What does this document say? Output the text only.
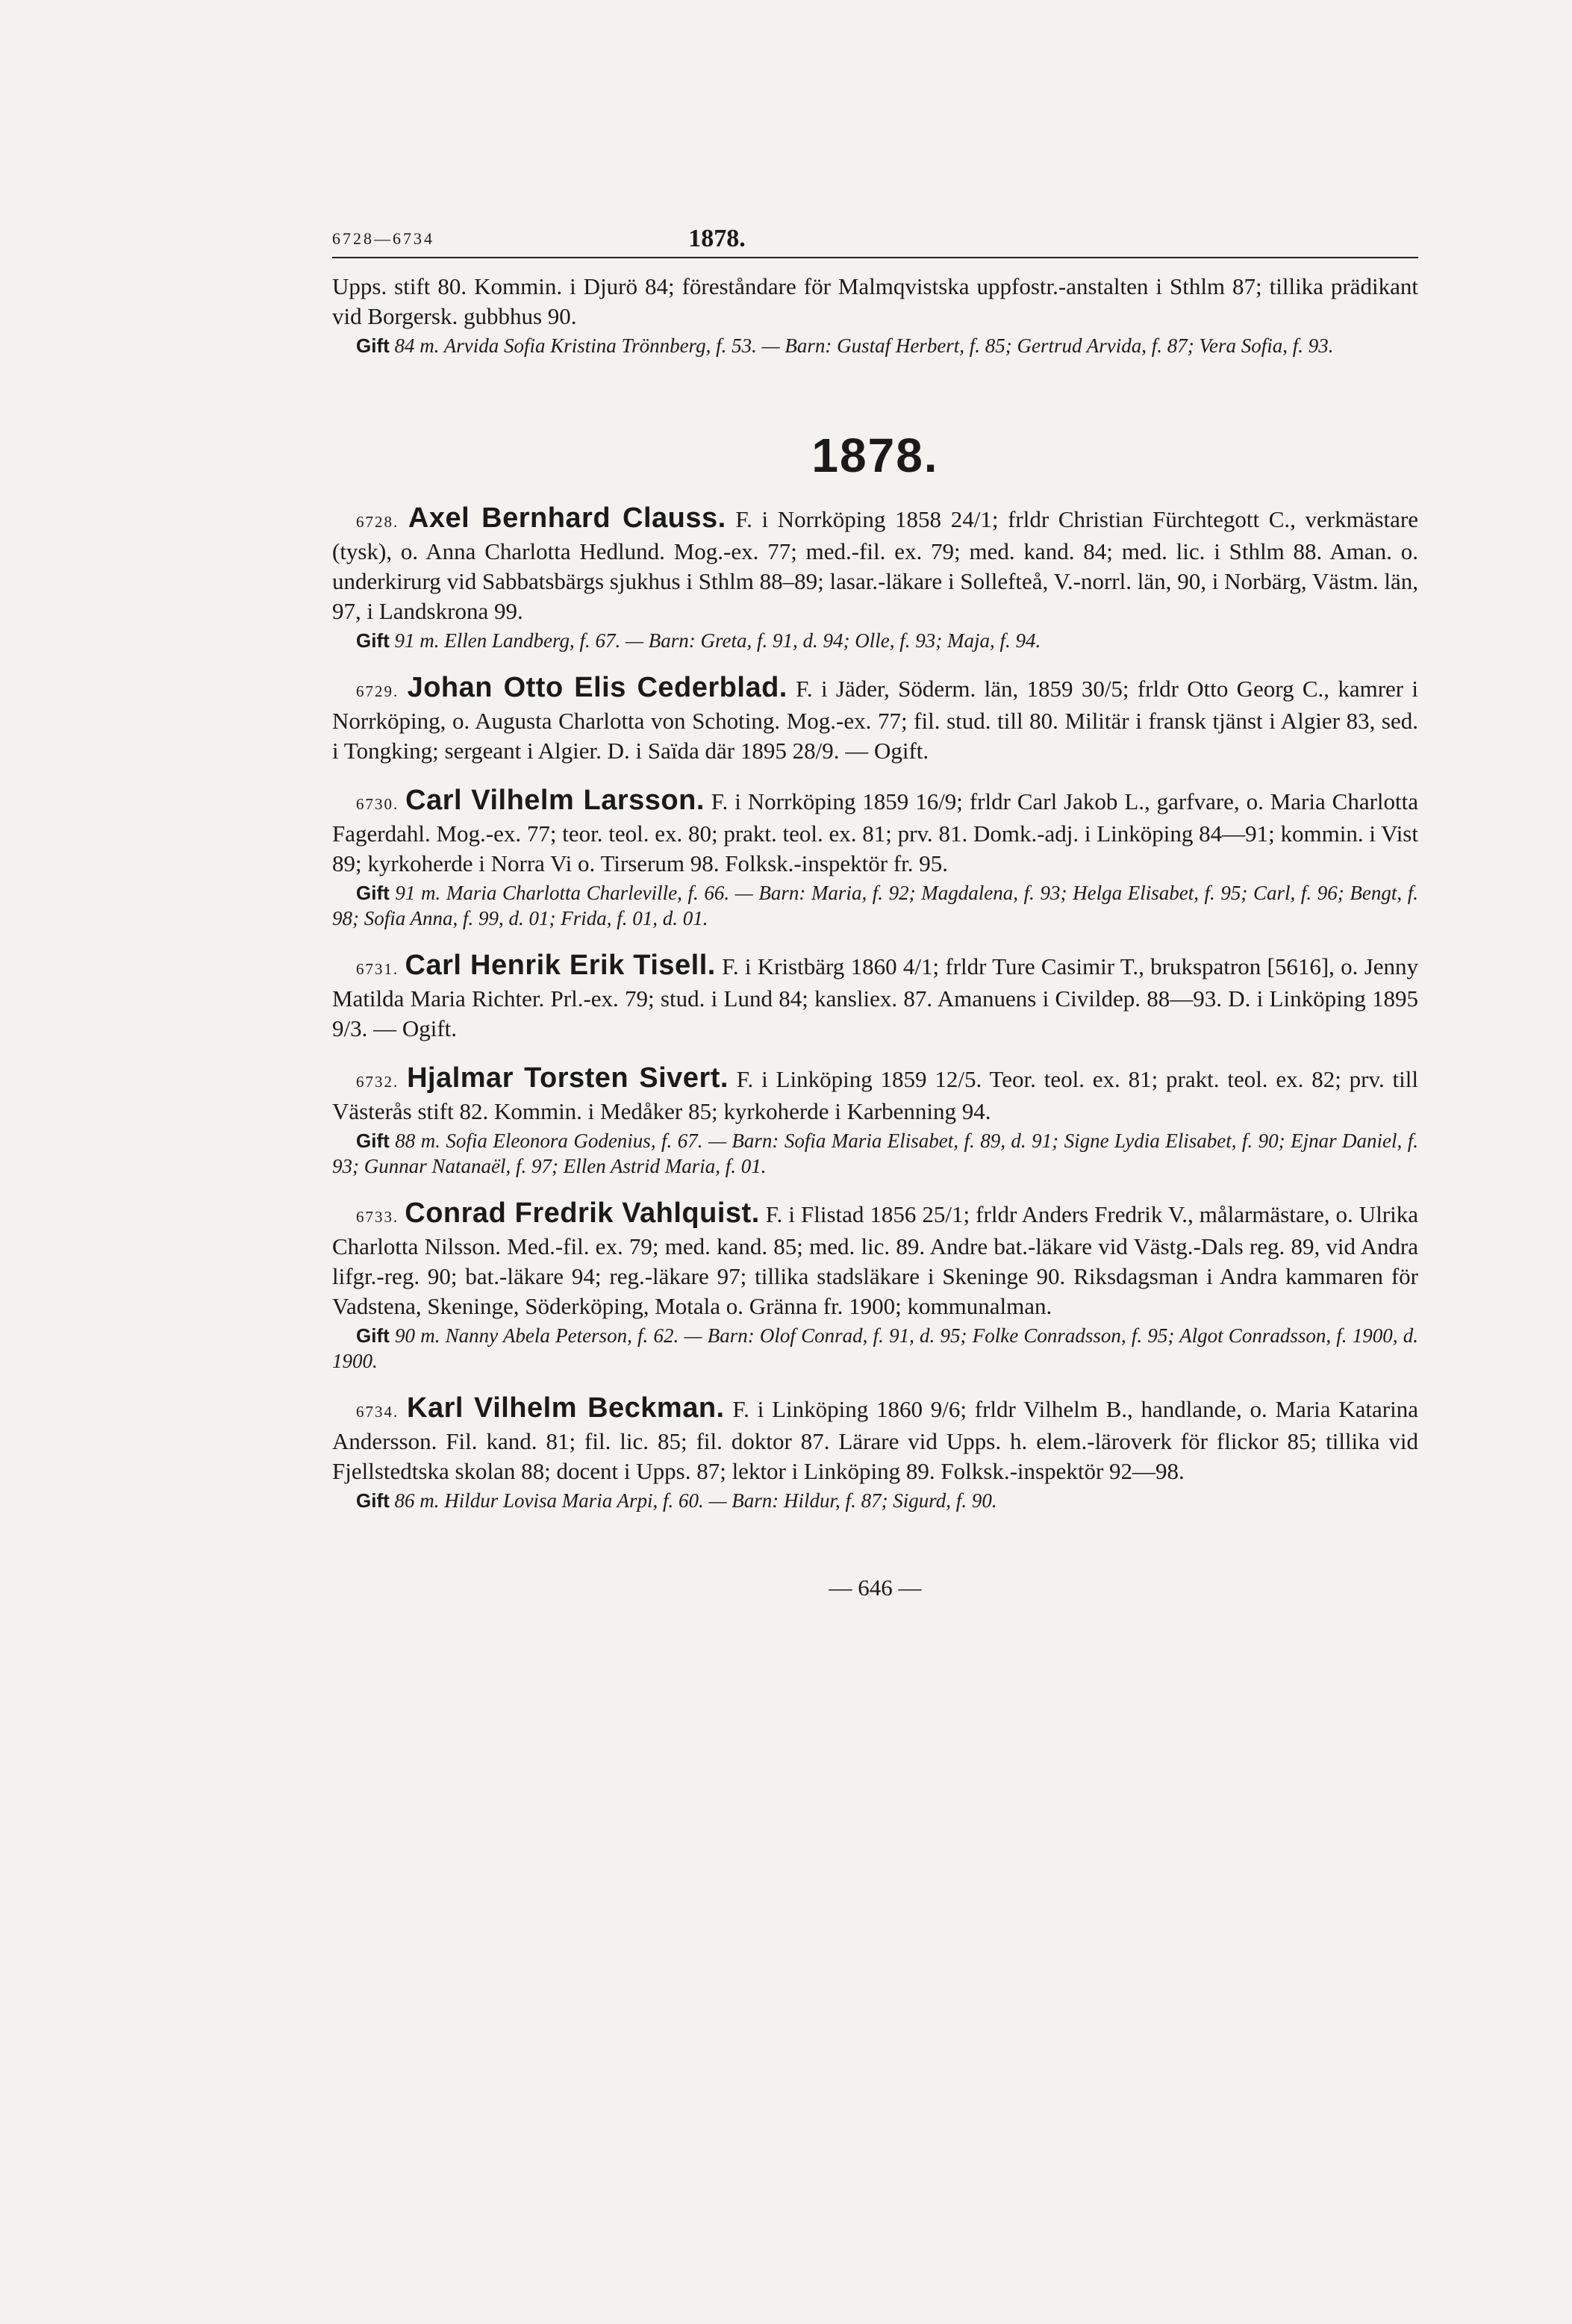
6728—6734	1878.

Upps. stift 80. Kommin. i Djurö 84; föreståndare för Malmqvistska uppfostr.-anstalten i Sthlm 87; tillika prädikant vid Borgersk. gubbhus 90.

Gift 84 m. Arvida Sofia Kristina Trönnberg, f. 53. — Barn: Gustaf Herbert, f. 85; Gertrud Arvida, f. 87; Vera Sofia, f. 93.

1878.

6728. Axel Bernhard Clauss. F. i Norrköping 1858 24/1; frldr Christian Fürchtegott C., verkmästare (tysk), o. Anna Charlotta Hedlund. Mog.-ex. 77; med.-fil. ex. 79; med. kand. 84; med. lic. i Sthlm 88. Aman. o. underkirurg vid Sabbatsbärgs sjukhus i Sthlm 88–89; lasar.-läkare i Sollefteå, V.-norrl. län, 90, i Norbärg, Västm. län, 97, i Landskrona 99.

Gift 91 m. Ellen Landberg, f. 67. — Barn: Greta, f. 91, d. 94; Olle, f. 93; Maja, f. 94.

6729. Johan Otto Elis Cederblad. F. i Jäder, Söderm. län, 1859 30/5; frldr Otto Georg C., kamrer i Norrköping, o. Augusta Charlotta von Schoting. Mog.-ex. 77; fil. stud. till 80. Militär i fransk tjänst i Algier 83, sed. i Tongking; sergeant i Algier. D. i Saïda där 1895 28/9. — Ogift.

6730. Carl Vilhelm Larsson. F. i Norrköping 1859 16/9; frldr Carl Jakob L., garfvare, o. Maria Charlotta Fagerdahl. Mog.-ex. 77; teor. teol. ex. 80; prakt. teol. ex. 81; prv. 81. Domk.-adj. i Linköping 84—91; kommin. i Vist 89; kyrkoherde i Norra Vi o. Tirserum 98. Folksk.-inspektör fr. 95.

Gift 91 m. Maria Charlotta Charleville, f. 66. — Barn: Maria, f. 92; Magdalena, f. 93; Helga Elisabet, f. 95; Carl, f. 96; Bengt, f. 98; Sofia Anna, f. 99, d. 01; Frida, f. 01, d. 01.

6731. Carl Henrik Erik Tisell. F. i Kristbärg 1860 4/1; frldr Ture Casimir T., brukspatron [5616], o. Jenny Matilda Maria Richter. Prl.-ex. 79; stud. i Lund 84; kansliex. 87. Amanuens i Civildep. 88—93. D. i Linköping 1895 9/3. — Ogift.

6732. Hjalmar Torsten Sivert. F. i Linköping 1859 12/5. Teor. teol. ex. 81; prakt. teol. ex. 82; prv. till Västerås stift 82. Kommin. i Medåker 85; kyrkoherde i Karbenning 94.

Gift 88 m. Sofia Eleonora Godenius, f. 67. — Barn: Sofia Maria Elisabet, f. 89, d. 91; Signe Lydia Elisabet, f. 90; Ejnar Daniel, f. 93; Gunnar Natanaël, f. 97; Ellen Astrid Maria, f. 01.

6733. Conrad Fredrik Vahlquist. F. i Flistad 1856 25/1; frldr Anders Fredrik V., målarmästare, o. Ulrika Charlotta Nilsson. Med.-fil. ex. 79; med. kand. 85; med. lic. 89. Andre bat.-läkare vid Västg.-Dals reg. 89, vid Andra lifgr.-reg. 90; bat.-läkare 94; reg.-läkare 97; tillika stadsläkare i Skeninge 90. Riksdagsman i Andra kammaren för Vadstena, Skeninge, Söderköping, Motala o. Gränna fr. 1900; kommunalman.

Gift 90 m. Nanny Abela Peterson, f. 62. — Barn: Olof Conrad, f. 91, d. 95; Folke Conradsson, f. 95; Algot Conradsson, f. 1900, d. 1900.

6734. Karl Vilhelm Beckman. F. i Linköping 1860 9/6; frldr Vilhelm B., handlande, o. Maria Katarina Andersson. Fil. kand. 81; fil. lic. 85; fil. doktor 87. Lärare vid Upps. h. elem.-läroverk för flickor 85; tillika vid Fjellstedtska skolan 88; docent i Upps. 87; lektor i Linköping 89. Folksk.-inspektör 92—98.

Gift 86 m. Hildur Lovisa Maria Arpi, f. 60. — Barn: Hildur, f. 87; Sigurd, f. 90.

— 646 —
